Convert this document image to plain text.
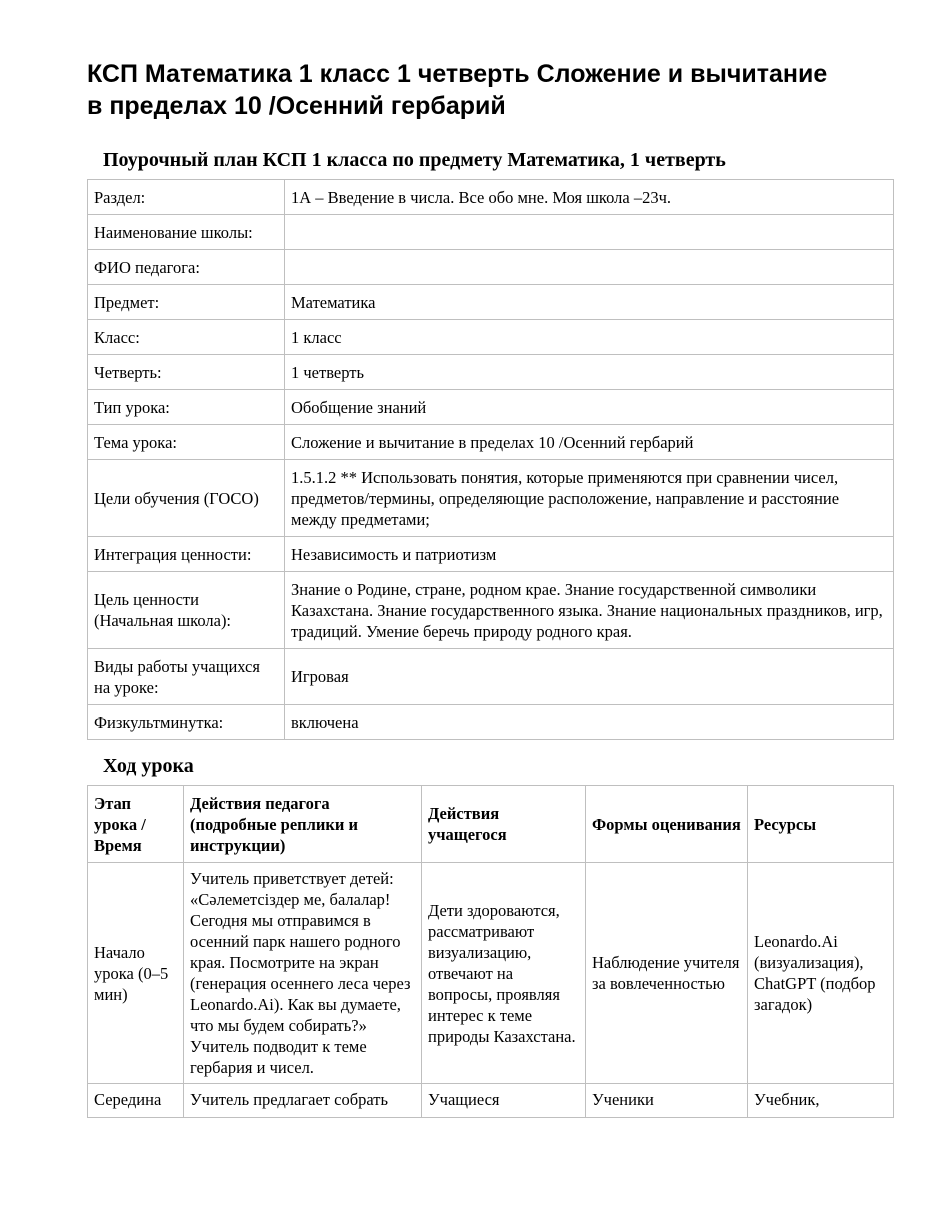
КСП Математика 1 класс 1 четверть Сложение и вычитание в пределах 10 /Осенний гербарий
Поурочный план КСП 1 класса по предмету Математика, 1 четверть
Раздел:	1А – Введение в числа. Все обо мне. Моя школа –23ч.
Наименование школы:	
ФИО педагога:	
Предмет:	Математика
Класс:	1 класс
Четверть:	1 четверть
Тип урока:	Обобщение знаний
Тема урока:	Сложение и вычитание в пределах 10 /Осенний гербарий
Цели обучения (ГОСО)	1.5.1.2 ** Использовать понятия, которые применяются при сравнении чисел, предметов/термины, определяющие расположение, направление и расстояние между предметами;
Интеграция ценности:	Независимость и патриотизм
Цель ценности (Начальная школа):	Знание о Родине, стране, родном крае. Знание государственной символики Казахстана. Знание государственного языка. Знание национальных праздников, игр, традиций. Умение беречь природу родного края.
Виды работы учащихся на уроке:	Игровая
Физкультминутка:	включена
Ход урока
Этап урока / Время	Действия педагога (подробные реплики и инструкции)	Действия учащегося	Формы оценивания	Ресурсы
Начало урока (0–5 мин)	Учитель приветствует детей: «Сәлеметсіздер ме, балалар! Сегодня мы отправимся в осенний парк нашего родного края. Посмотрите на экран (генерация осеннего леса через Leonardo.Ai). Как вы думаете, что мы будем собирать?» Учитель подводит к теме гербария и чисел.	Дети здороваются, рассматривают визуализацию, отвечают на вопросы, проявляя интерес к теме природы Казахстана.	Наблюдение учителя за вовлеченностью	Leonardo.Ai (визуализация), ChatGPT (подбор загадок)
Середина	Учитель предлагает собрать	Учащиеся	Ученики	Учебник,
